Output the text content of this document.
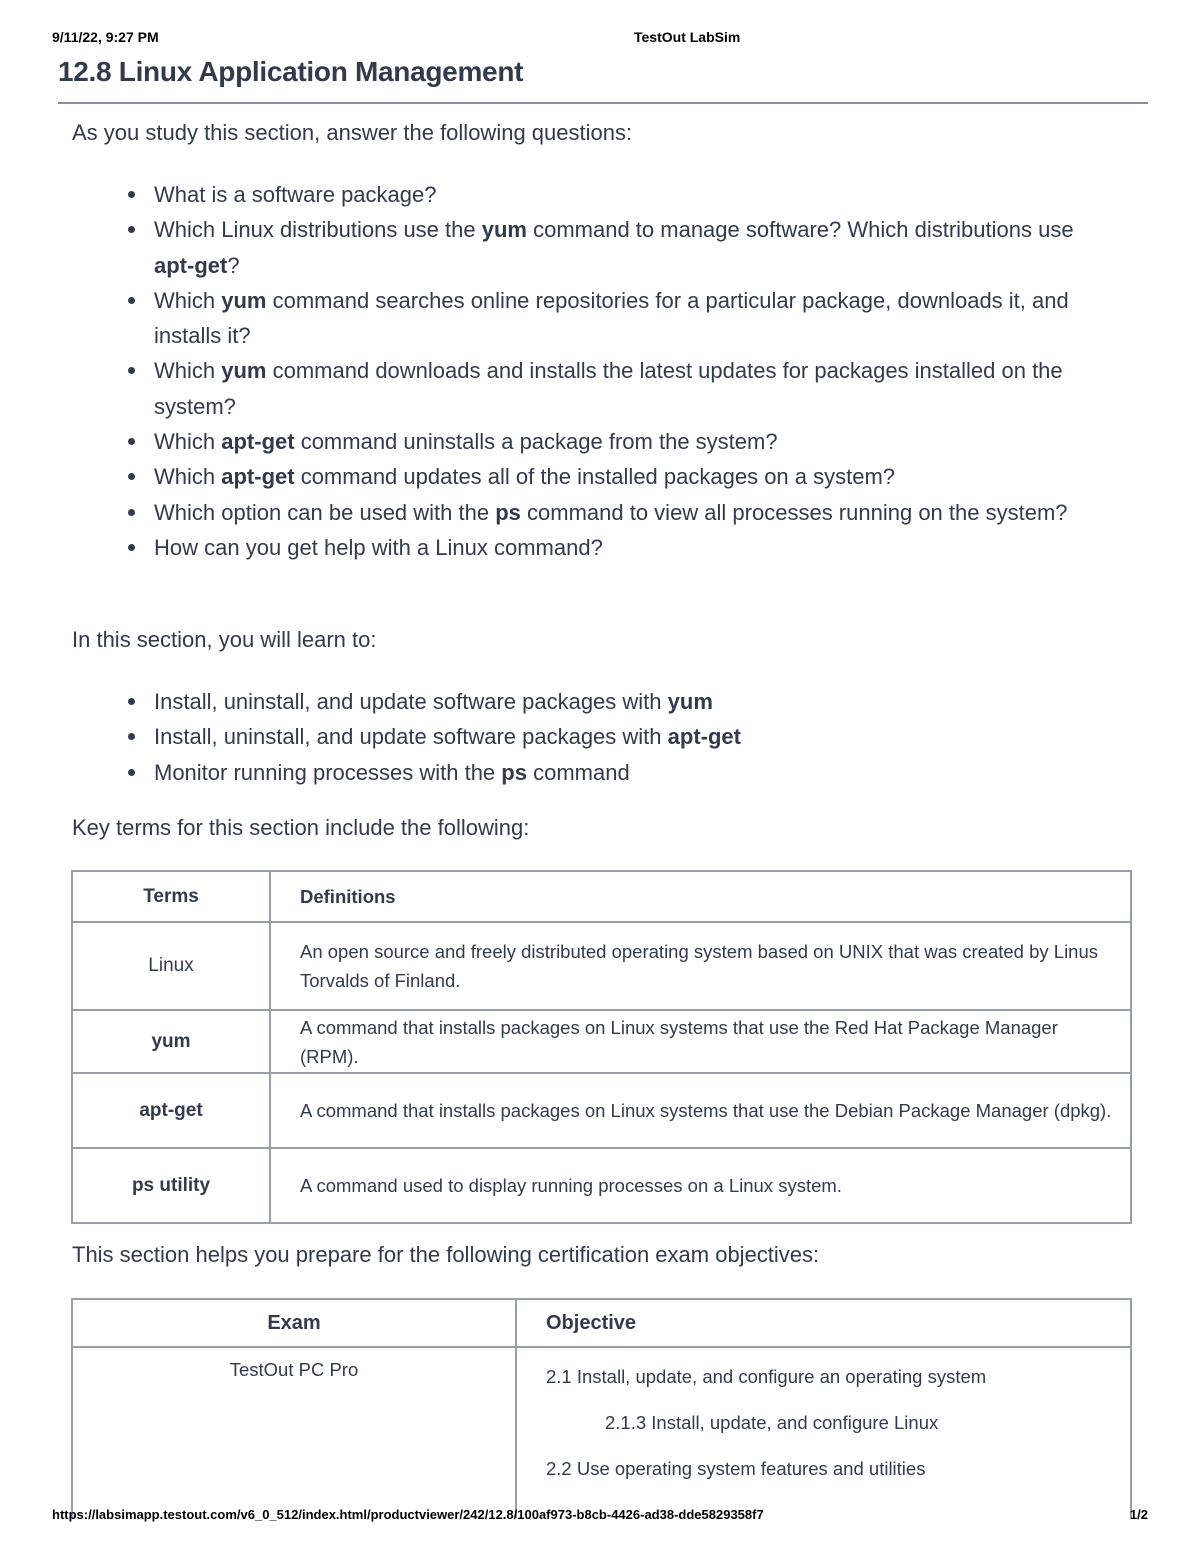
9/11/22, 9:27 PM	TestOut LabSim
12.8 Linux Application Management

As you study this section, answer the following questions:

What is a software package?
Which Linux distributions use the yum command to manage software? Which distributions use apt-get?
Which yum command searches online repositories for a particular package, downloads it, and installs it?
Which yum command downloads and installs the latest updates for packages installed on the system?
Which apt-get command uninstalls a package from the system?
Which apt-get command updates all of the installed packages on a system?
Which option can be used with the ps command to view all processes running on the system?
How can you get help with a Linux command?

In this section, you will learn to:

Install, uninstall, and update software packages with yum
Install, uninstall, and update software packages with apt-get
Monitor running processes with the ps command

Key terms for this section include the following:

Terms	Definitions
Linux	An open source and freely distributed operating system based on UNIX that was created by Linus Torvalds of Finland.
yum	A command that installs packages on Linux systems that use the Red Hat Package Manager (RPM).
apt-get	A command that installs packages on Linux systems that use the Debian Package Manager (dpkg).
ps utility	A command used to display running processes on a Linux system.

This section helps you prepare for the following certification exam objectives:

Exam	Objective

TestOut PC Pro	2.1 Install, update, and configure an operating system
2.1.3 Install, update, and configure Linux
2.2 Use operating system features and utilities
https://labsimapp.testout.com/v6_0_512/index.html/productviewer/242/12.8/100af973-b8cb-4426-ad38-dde5829358f7	1/2
